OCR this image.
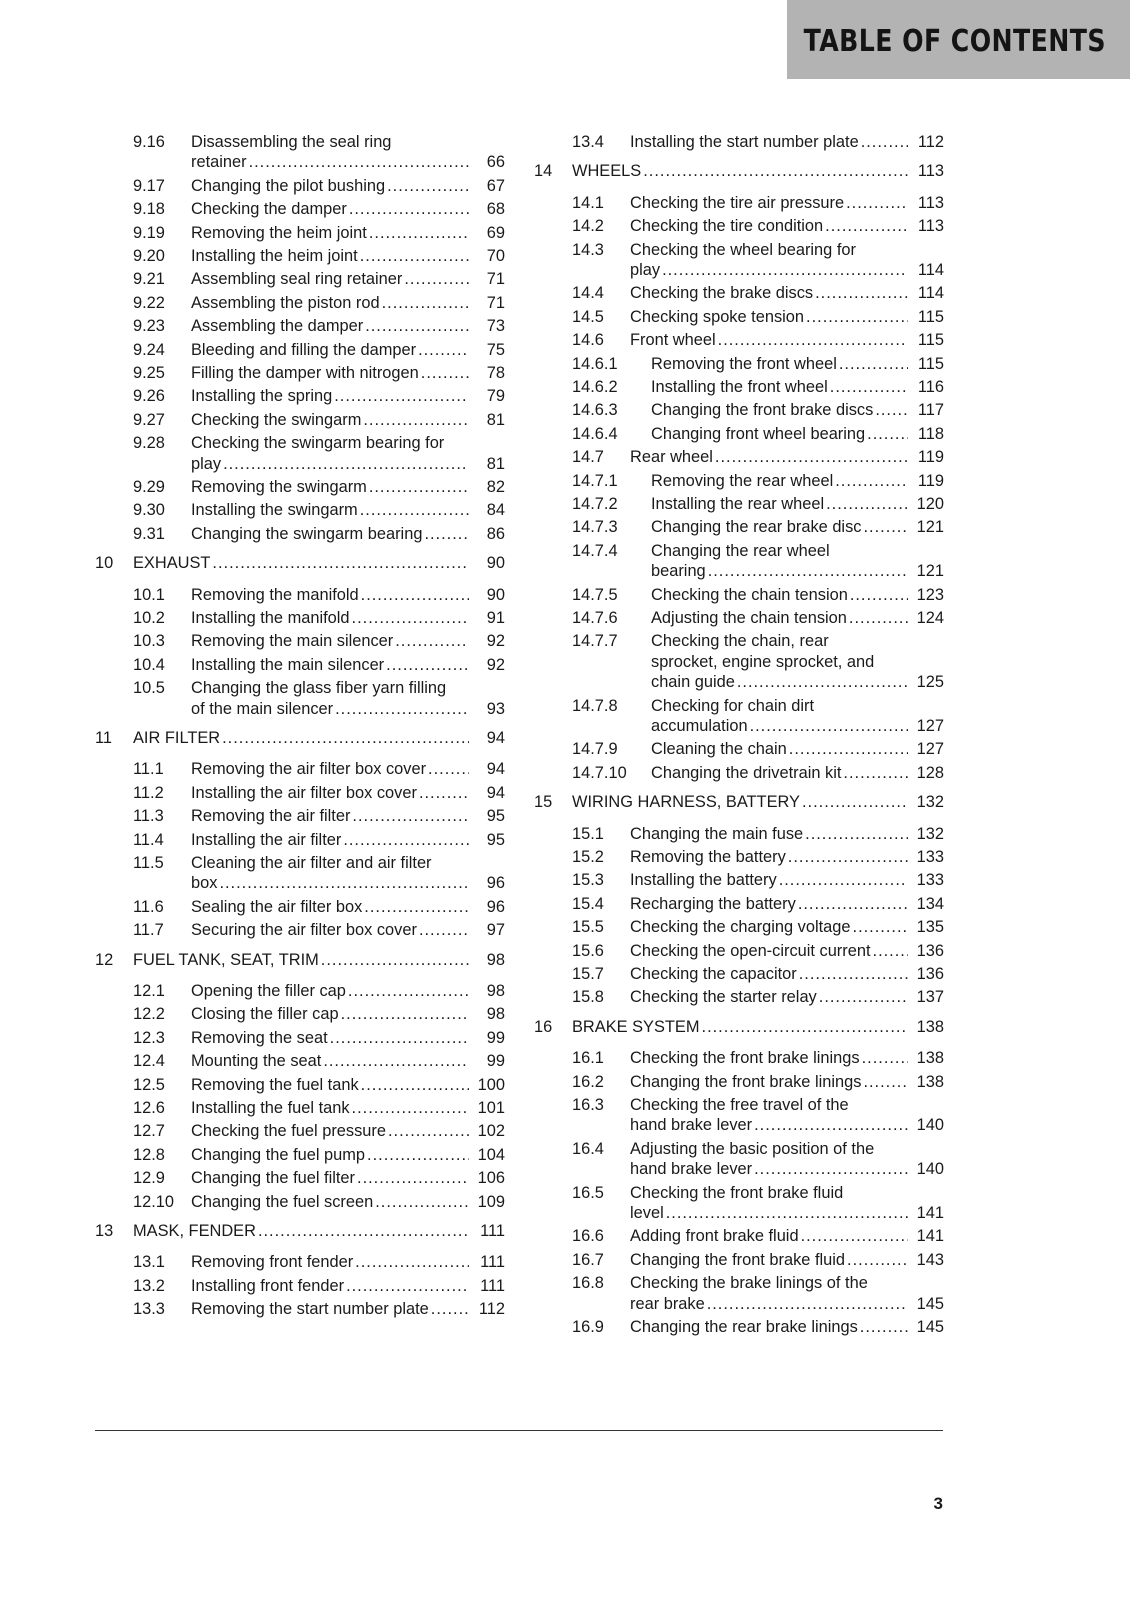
TABLE OF CONTENTS
9.16 Disassembling the seal ring
retainer .....	66
9.17 Changing the pilot bushing .....	67
9.18 Checking the damper .....	68
9.19 Removing the heim joint .....	69
9.20 Installing the heim joint .....	70
9.21 Assembling seal ring retainer .....	71
9.22 Assembling the piston rod .....	71
9.23 Assembling the damper .....	73
9.24 Bleeding and filling the damper .....	75
9.25 Filling the damper with nitrogen .....	78
9.26 Installing the spring .....	79
9.27 Checking the swingarm .....	81
9.28 Checking the swingarm bearing for
play .....	81
9.29 Removing the swingarm .....	82
9.30 Installing the swingarm .....	84
9.31 Changing the swingarm bearing .....	86
10 EXHAUST .....	90
10.1 Removing the manifold .....	90
10.2 Installing the manifold .....	91
10.3 Removing the main silencer .....	92
10.4 Installing the main silencer .....	92
10.5 Changing the glass fiber yarn filling
of the main silencer .....	93
11 AIR FILTER .....	94
11.1 Removing the air filter box cover .....	94
11.2 Installing the air filter box cover .....	94
11.3 Removing the air filter .....	95
11.4 Installing the air filter .....	95
11.5 Cleaning the air filter and air filter
box .....	96
11.6 Sealing the air filter box .....	96
11.7 Securing the air filter box cover .....	97
12 FUEL TANK, SEAT, TRIM .....	98
12.1 Opening the filler cap .....	98
12.2 Closing the filler cap .....	98
12.3 Removing the seat .....	99
12.4 Mounting the seat .....	99
12.5 Removing the fuel tank .....	100
12.6 Installing the fuel tank .....	101
12.7 Checking the fuel pressure .....	102
12.8 Changing the fuel pump .....	104
12.9 Changing the fuel filter .....	106
12.10 Changing the fuel screen .....	109
13 MASK, FENDER .....	111
13.1 Removing front fender .....	111
13.2 Installing front fender .....	111
13.3 Removing the start number plate .....	112
13.4 Installing the start number plate .....	112
14 WHEELS .....	113
14.1 Checking the tire air pressure .....	113
14.2 Checking the tire condition .....	113
14.3 Checking the wheel bearing for
play .....	114
14.4 Checking the brake discs .....	114
14.5 Checking spoke tension .....	115
14.6 Front wheel .....	115
14.6.1 Removing the front wheel .....	115
14.6.2 Installing the front wheel .....	116
14.6.3 Changing the front brake discs .....	117
14.6.4 Changing front wheel bearing .....	118
14.7 Rear wheel .....	119
14.7.1 Removing the rear wheel .....	119
14.7.2 Installing the rear wheel .....	120
14.7.3 Changing the rear brake disc .....	121
14.7.4 Changing the rear wheel
bearing .....	121
14.7.5 Checking the chain tension .....	123
14.7.6 Adjusting the chain tension .....	124
14.7.7 Checking the chain, rear
sprocket, engine sprocket, and
chain guide .....	125
14.7.8 Checking for chain dirt
accumulation .....	127
14.7.9 Cleaning the chain .....	127
14.7.10 Changing the drivetrain kit .....	128
15 WIRING HARNESS, BATTERY .....	132
15.1 Changing the main fuse .....	132
15.2 Removing the battery .....	133
15.3 Installing the battery .....	133
15.4 Recharging the battery .....	134
15.5 Checking the charging voltage .....	135
15.6 Checking the open-circuit current .....	136
15.7 Checking the capacitor .....	136
15.8 Checking the starter relay .....	137
16 BRAKE SYSTEM .....	138
16.1 Checking the front brake linings .....	138
16.2 Changing the front brake linings .....	138
16.3 Checking the free travel of the
hand brake lever .....	140
16.4 Adjusting the basic position of the
hand brake lever .....	140
16.5 Checking the front brake fluid
level .....	141
16.6 Adding front brake fluid .....	141
16.7 Changing the front brake fluid .....	143
16.8 Checking the brake linings of the
rear brake .....	145
16.9 Changing the rear brake linings .....	145
3
